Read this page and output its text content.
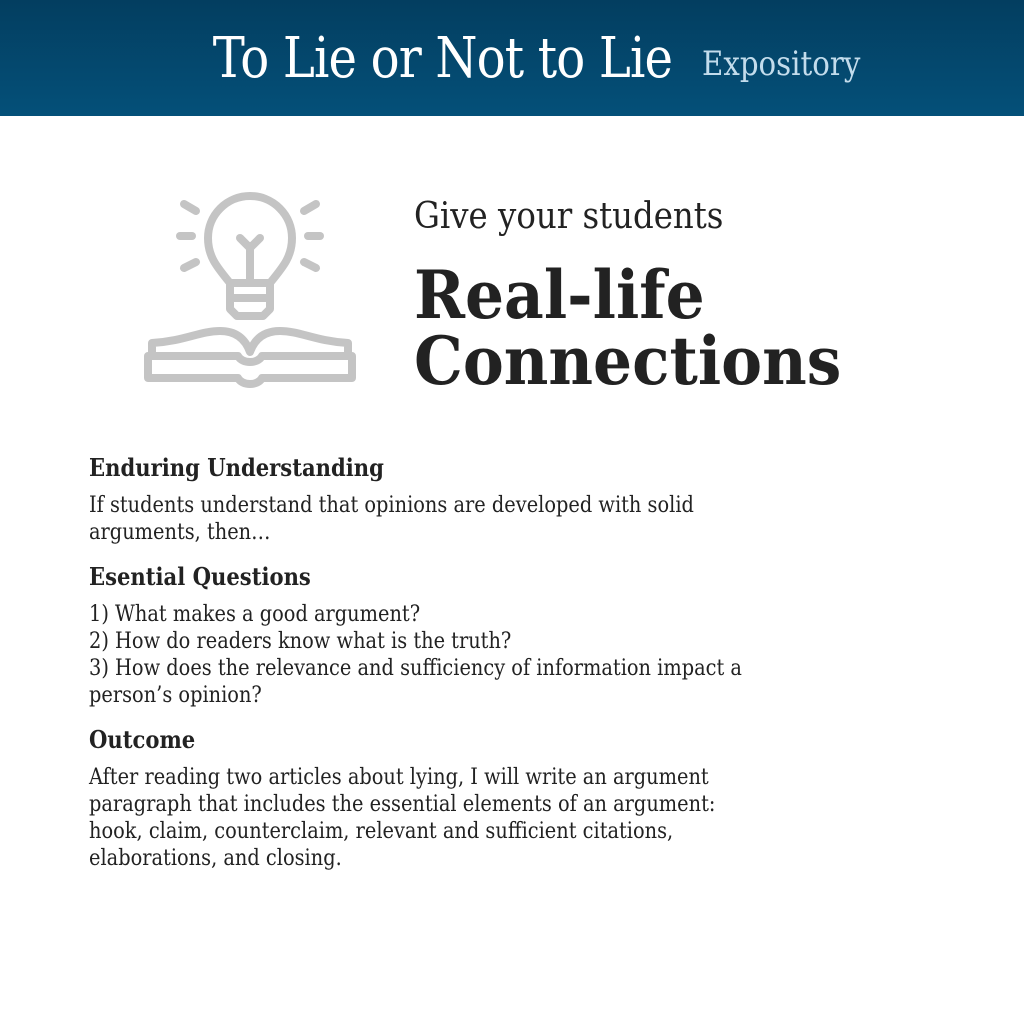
To Lie or Not to Lie Expository
Give your students
Real-life
Connections
Enduring Understanding

If students understand that opinions are developed with solid
arguments, then…

Esential Questions

1) What makes a good argument?
2) How do readers know what is the truth?
3) How does the relevance and sufficiency of information impact a
person’s opinion?

Outcome

After reading two articles about lying, I will write an argument
paragraph that includes the essential elements of an argument:
hook, claim, counterclaim, relevant and sufficient citations,
elaborations, and closing.
